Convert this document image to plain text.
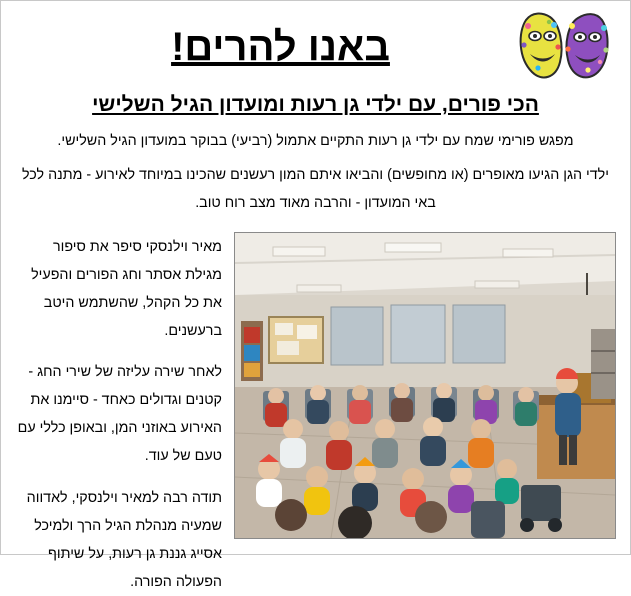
באנו להרים!
הכי פורים, עם ילדי גן רעות ומועדון הגיל השלישי

מפגש פורימי שמח עם ילדי גן רעות התקיים אתמול (רביעי) בבוקר במועדון הגיל השלישי.

ילדי הגן הגיעו מאופרים (או מחופשים) והביאו איתם המון רעשנים שהכינו במיוחד לאירוע - מתנה לכל באי המועדון - והרבה מאוד מצב רוח טוב.

מאיר וילנסקי סיפר את סיפור מגילת אסתר וחג הפורים והפעיל את כל הקהל, שהשתמש היטב ברעשנים.

לאחר שירה עליזה של שירי החג - קטנים וגדולים כאחד - סיימנו את האירוע באוזני המן, ובאופן כללי עם טעם של עוד.

תודה רבה למאיר וילנסקי, לאדווה שמעיה מנהלת הגיל הרך ולמיכל אסייג גננת גן רעות, על שיתוף הפעולה הפורה.
